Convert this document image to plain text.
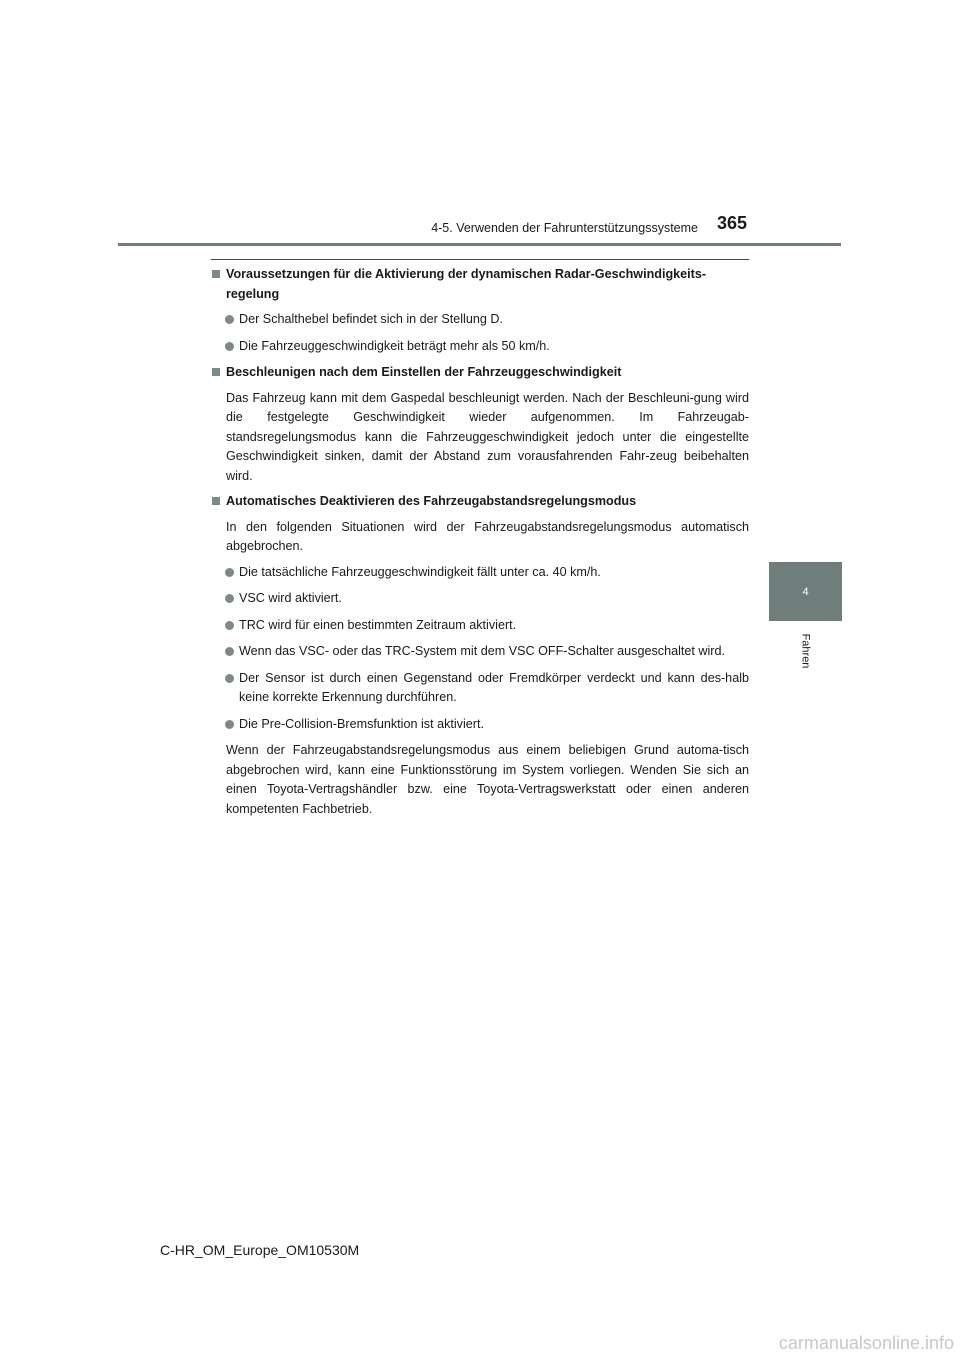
4-5. Verwenden der Fahrunterstützungssysteme 365
4
Fahren
Voraussetzungen für die Aktivierung der dynamischen Radar-Geschwindigkeits-regelung
Der Schalthebel befindet sich in der Stellung D.
Die Fahrzeuggeschwindigkeit beträgt mehr als 50 km/h.
Beschleunigen nach dem Einstellen der Fahrzeuggeschwindigkeit
Das Fahrzeug kann mit dem Gaspedal beschleunigt werden. Nach der Beschleuni-gung wird die festgelegte Geschwindigkeit wieder aufgenommen. Im Fahrzeugab-standsregelungsmodus kann die Fahrzeuggeschwindigkeit jedoch unter die eingestellte Geschwindigkeit sinken, damit der Abstand zum vorausfahrenden Fahr-zeug beibehalten wird.
Automatisches Deaktivieren des Fahrzeugabstandsregelungsmodus
In den folgenden Situationen wird der Fahrzeugabstandsregelungsmodus automatisch abgebrochen.
Die tatsächliche Fahrzeuggeschwindigkeit fällt unter ca. 40 km/h.
VSC wird aktiviert.
TRC wird für einen bestimmten Zeitraum aktiviert.
Wenn das VSC- oder das TRC-System mit dem VSC OFF-Schalter ausgeschaltet wird.
Der Sensor ist durch einen Gegenstand oder Fremdkörper verdeckt und kann des-halb keine korrekte Erkennung durchführen.
Die Pre-Collision-Bremsfunktion ist aktiviert.
Wenn der Fahrzeugabstandsregelungsmodus aus einem beliebigen Grund automa-tisch abgebrochen wird, kann eine Funktionsstörung im System vorliegen. Wenden Sie sich an einen Toyota-Vertragshändler bzw. eine Toyota-Vertragswerkstatt oder einen anderen kompetenten Fachbetrieb.
C-HR_OM_Europe_OM10530M
carmanualsonline.info
